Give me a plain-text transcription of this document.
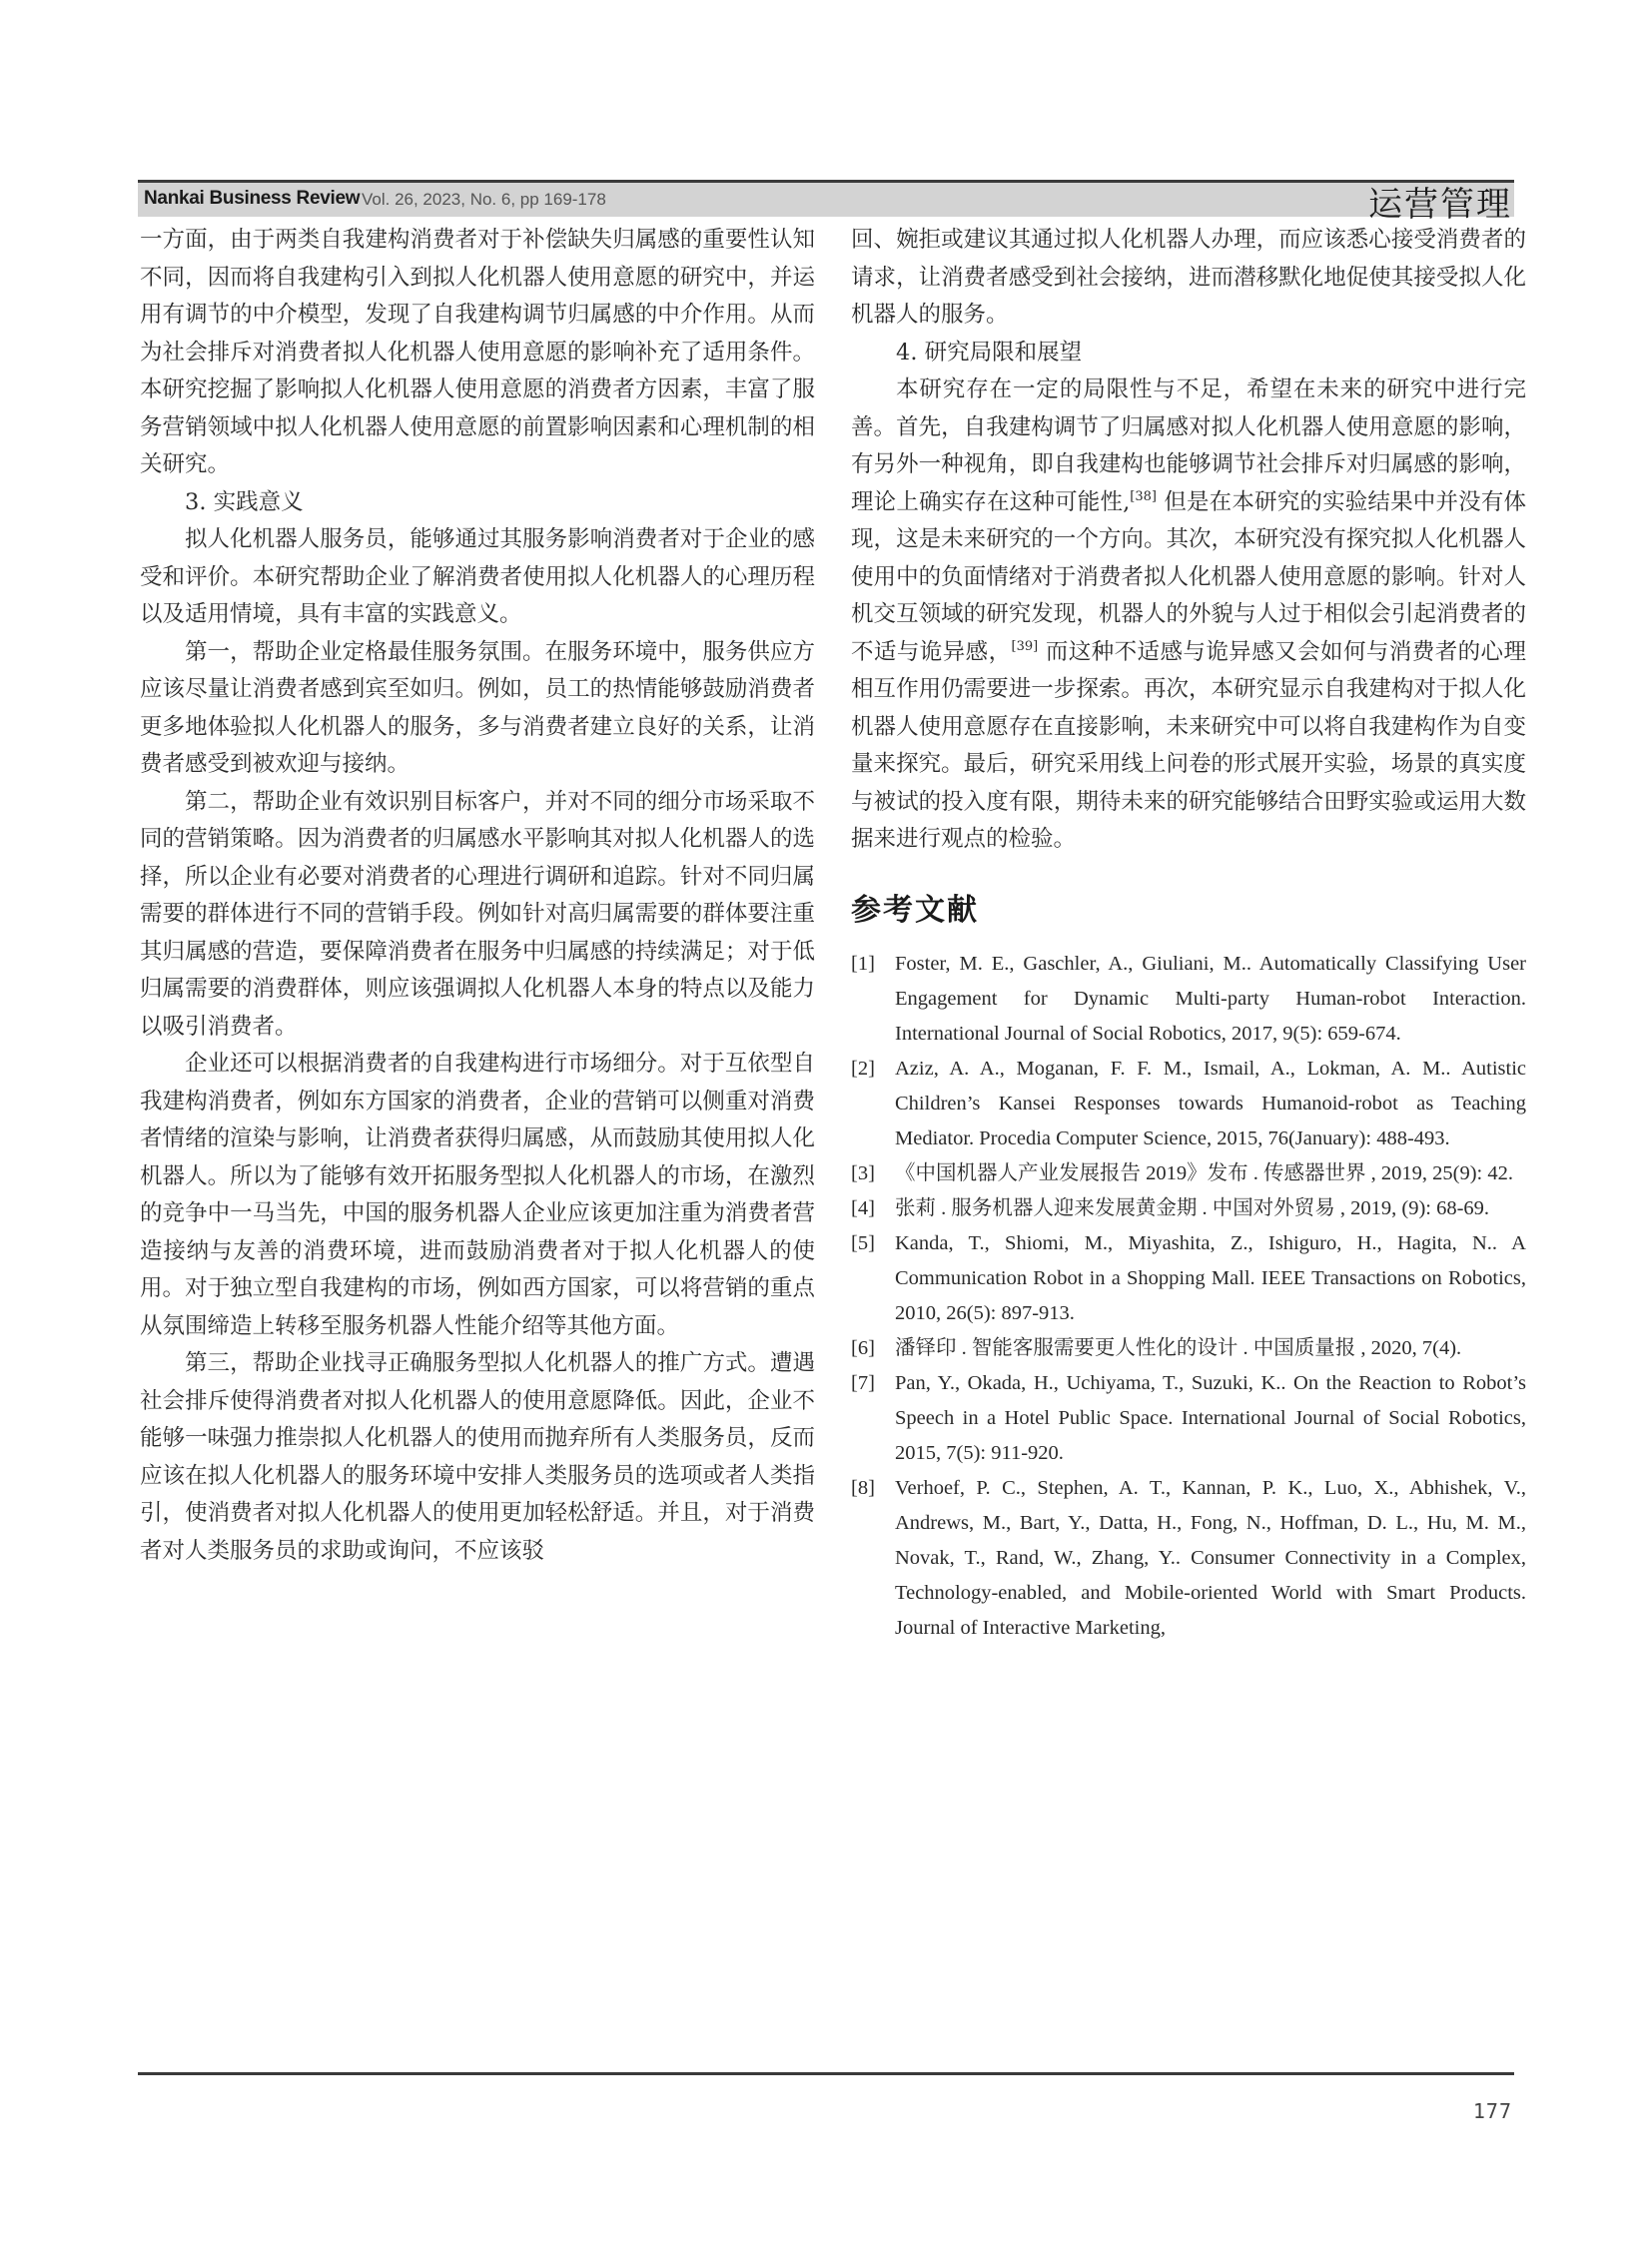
Nankai Business Review Vol. 26, 2023, No. 6, pp 169-178	运营管理

一方面，由于两类自我建构消费者对于补偿缺失归属感的重要性认知不同，因而将自我建构引入到拟人化机器人使用意愿的研究中，并运用有调节的中介模型，发现了自我建构调节归属感的中介作用。从而为社会排斥对消费者拟人化机器人使用意愿的影响补充了适用条件。本研究挖掘了影响拟人化机器人使用意愿的消费者方因素，丰富了服务营销领域中拟人化机器人使用意愿的前置影响因素和心理机制的相关研究。

3. 实践意义

拟人化机器人服务员，能够通过其服务影响消费者对于企业的感受和评价。本研究帮助企业了解消费者使用拟人化机器人的心理历程以及适用情境，具有丰富的实践意义。

第一，帮助企业定格最佳服务氛围。在服务环境中，服务供应方应该尽量让消费者感到宾至如归。例如，员工的热情能够鼓励消费者更多地体验拟人化机器人的服务，多与消费者建立良好的关系，让消费者感受到被欢迎与接纳。

第二，帮助企业有效识别目标客户，并对不同的细分市场采取不同的营销策略。因为消费者的归属感水平影响其对拟人化机器人的选择，所以企业有必要对消费者的心理进行调研和追踪。针对不同归属需要的群体进行不同的营销手段。例如针对高归属需要的群体要注重其归属感的营造，要保障消费者在服务中归属感的持续满足；对于低归属需要的消费群体，则应该强调拟人化机器人本身的特点以及能力以吸引消费者。

企业还可以根据消费者的自我建构进行市场细分。对于互依型自我建构消费者，例如东方国家的消费者，企业的营销可以侧重对消费者情绪的渲染与影响，让消费者获得归属感，从而鼓励其使用拟人化机器人。所以为了能够有效开拓服务型拟人化机器人的市场，在激烈的竞争中一马当先，中国的服务机器人企业应该更加注重为消费者营造接纳与友善的消费环境，进而鼓励消费者对于拟人化机器人的使用。对于独立型自我建构的市场，例如西方国家，可以将营销的重点从氛围缔造上转移至服务机器人性能介绍等其他方面。

第三，帮助企业找寻正确服务型拟人化机器人的推广方式。遭遇社会排斥使得消费者对拟人化机器人的使用意愿降低。因此，企业不能够一味强力推崇拟人化机器人的使用而抛弃所有人类服务员，反而应该在拟人化机器人的服务环境中安排人类服务员的选项或者人类指引，使消费者对拟人化机器人的使用更加轻松舒适。并且，对于消费者对人类服务员的求助或询问，不应该驳

回、婉拒或建议其通过拟人化机器人办理，而应该悉心接受消费者的请求，让消费者感受到社会接纳，进而潜移默化地促使其接受拟人化机器人的服务。

4. 研究局限和展望

本研究存在一定的局限性与不足，希望在未来的研究中进行完善。首先，自我建构调节了归属感对拟人化机器人使用意愿的影响，有另外一种视角，即自我建构也能够调节社会排斥对归属感的影响，理论上确实存在这种可能性,[38] 但是在本研究的实验结果中并没有体现，这是未来研究的一个方向。其次，本研究没有探究拟人化机器人使用中的负面情绪对于消费者拟人化机器人使用意愿的影响。针对人机交互领域的研究发现，机器人的外貌与人过于相似会引起消费者的不适与诡异感，[39] 而这种不适感与诡异感又会如何与消费者的心理相互作用仍需要进一步探索。再次，本研究显示自我建构对于拟人化机器人使用意愿存在直接影响，未来研究中可以将自我建构作为自变量来探究。最后，研究采用线上问卷的形式展开实验，场景的真实度与被试的投入度有限，期待未来的研究能够结合田野实验或运用大数据来进行观点的检验。

参考文献
[1] Foster, M. E., Gaschler, A., Giuliani, M.. Automatically Classifying User Engagement for Dynamic Multi-party Human-robot Interaction. International Journal of Social Robotics, 2017, 9(5): 659-674.
[2] Aziz, A. A., Moganan, F. F. M., Ismail, A., Lokman, A. M.. Autistic Children’s Kansei Responses towards Humanoid-robot as Teaching Mediator. Procedia Computer Science, 2015, 76(January): 488-493.
[3] 《中国机器人产业发展报告 2019》发布 . 传感器世界 , 2019, 25(9): 42.
[4] 张莉 . 服务机器人迎来发展黄金期 . 中国对外贸易 , 2019, (9): 68-69.
[5] Kanda, T., Shiomi, M., Miyashita, Z., Ishiguro, H., Hagita, N.. A Communication Robot in a Shopping Mall. IEEE Transactions on Robotics, 2010, 26(5): 897-913.
[6] 潘铎印 . 智能客服需要更人性化的设计 . 中国质量报 , 2020, 7(4).
[7] Pan, Y., Okada, H., Uchiyama, T., Suzuki, K.. On the Reaction to Robot’s Speech in a Hotel Public Space. International Journal of Social Robotics, 2015, 7(5): 911-920.
[8] Verhoef, P. C., Stephen, A. T., Kannan, P. K., Luo, X., Abhishek, V., Andrews, M., Bart, Y., Datta, H., Fong, N., Hoffman, D. L., Hu, M. M., Novak, T., Rand, W., Zhang, Y.. Consumer Connectivity in a Complex, Technology-enabled, and Mobile-oriented World with Smart Products. Journal of Interactive Marketing,
177
